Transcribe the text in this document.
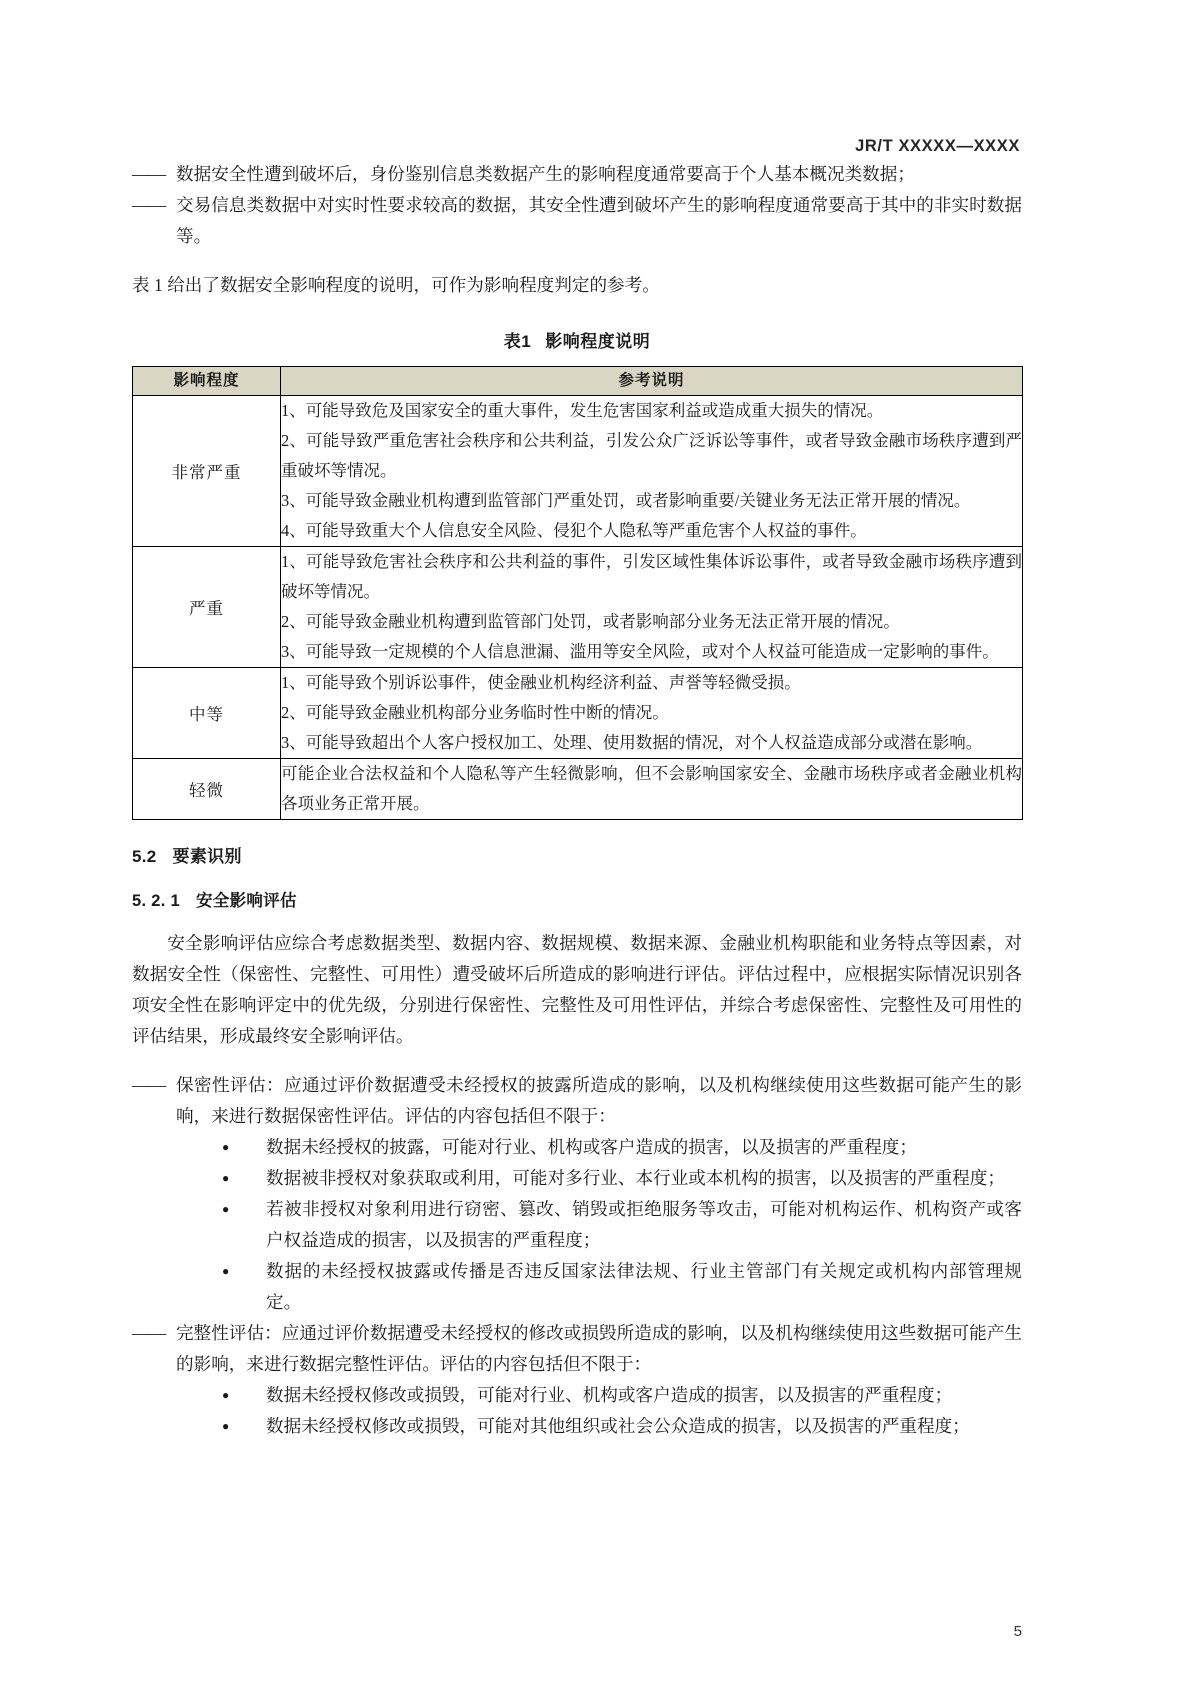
JR/T XXXXX—XXXX
—— 数据安全性遭到破坏后，身份鉴别信息类数据产生的影响程度通常要高于个人基本概况类数据；
—— 交易信息类数据中对实时性要求较高的数据，其安全性遭到破坏产生的影响程度通常要高于其中的非实时数据等。

表 1 给出了数据安全影响程度的说明，可作为影响程度判定的参考。

表1 影响程度说明
影响程度	参考说明
非常严重	1、可能导致危及国家安全的重大事件，发生危害国家利益或造成重大损失的情况。
2、可能导致严重危害社会秩序和公共利益，引发公众广泛诉讼等事件，或者导致金融市场秩序遭到严重破坏等情况。
3、可能导致金融业机构遭到监管部门严重处罚，或者影响重要/关键业务无法正常开展的情况。
4、可能导致重大个人信息安全风险、侵犯个人隐私等严重危害个人权益的事件。

严重	1、可能导致危害社会秩序和公共利益的事件，引发区域性集体诉讼事件，或者导致金融市场秩序遭到破坏等情况。
2、可能导致金融业机构遭到监管部门处罚，或者影响部分业务无法正常开展的情况。
3、可能导致一定规模的个人信息泄漏、滥用等安全风险，或对个人权益可能造成一定影响的事件。

中等	1、可能导致个别诉讼事件，使金融业机构经济利益、声誉等轻微受损。
2、可能导致金融业机构部分业务临时性中断的情况。
3、可能导致超出个人客户授权加工、处理、使用数据的情况，对个人权益造成部分或潜在影响。

轻微	可能企业合法权益和个人隐私等产生轻微影响，但不会影响国家安全、金融市场秩序或者金融业机构各项业务正常开展。
5.2 要素识别
5. 2. 1 安全影响评估

安全影响评估应综合考虑数据类型、数据内容、数据规模、数据来源、金融业机构职能和业务特点等因素，对数据安全性（保密性、完整性、可用性）遭受破坏后所造成的影响进行评估。评估过程中，应根据实际情况识别各项安全性在影响评定中的优先级，分别进行保密性、完整性及可用性评估，并综合考虑保密性、完整性及可用性的评估结果，形成最终安全影响评估。

—— 保密性评估：应通过评价数据遭受未经授权的披露所造成的影响，以及机构继续使用这些数据可能产生的影响，来进行数据保密性评估。评估的内容包括但不限于：
●	数据未经授权的披露，可能对行业、机构或客户造成的损害，以及损害的严重程度；
●	数据被非授权对象获取或利用，可能对多行业、本行业或本机构的损害，以及损害的严重程度；
●	若被非授权对象利用进行窃密、篡改、销毁或拒绝服务等攻击，可能对机构运作、机构资产或客户权益造成的损害，以及损害的严重程度；
●	数据的未经授权披露或传播是否违反国家法律法规、行业主管部门有关规定或机构内部管理规定。
—— 完整性评估：应通过评价数据遭受未经授权的修改或损毁所造成的影响，以及机构继续使用这些数据可能产生的影响，来进行数据完整性评估。评估的内容包括但不限于：
●	数据未经授权修改或损毁，可能对行业、机构或客户造成的损害，以及损害的严重程度；
●	数据未经授权修改或损毁，可能对其他组织或社会公众造成的损害，以及损害的严重程度；
5
